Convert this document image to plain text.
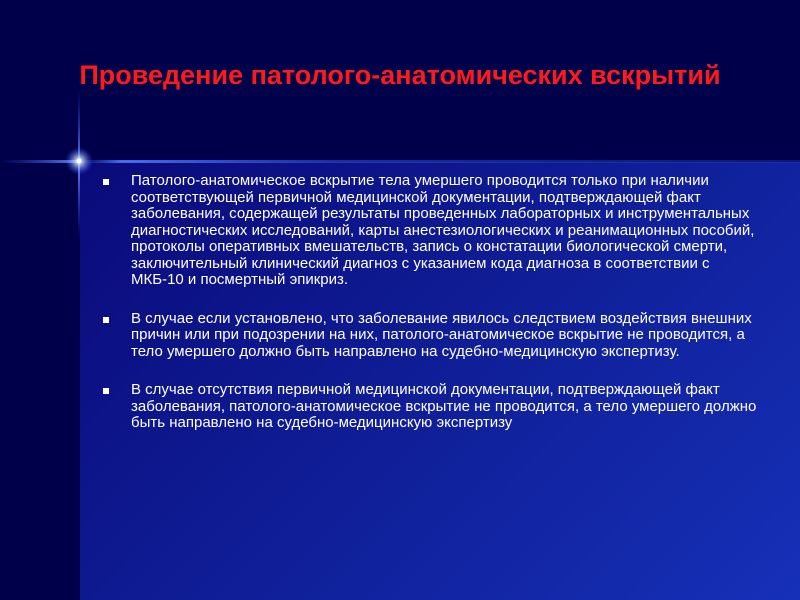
Проведение патолого-анатомических вскрытий
Патолого-анатомическое вскрытие тела умершего проводится только при наличии соответствующей первичной медицинской документации, подтверждающей факт заболевания, содержащей результаты проведенных лабораторных и инструментальных диагностических исследований, карты анестезиологических и реанимационных пособий, протоколы оперативных вмешательств, запись о констатации биологической смерти, заключительный клинический диагноз с указанием кода диагноза в соответствии с МКБ-10 и посмертный эпикриз.
В случае если установлено, что заболевание явилось следствием воздействия внешних причин или при подозрении на них, патолого-анатомическое вскрытие не проводится, а тело умершего должно быть направлено на судебно-медицинскую экспертизу.
В случае отсутствия первичной медицинской документации, подтверждающей факт заболевания, патолого-анатомическое вскрытие не проводится, а тело умершего должно быть направлено на судебно-медицинскую экспертизу
